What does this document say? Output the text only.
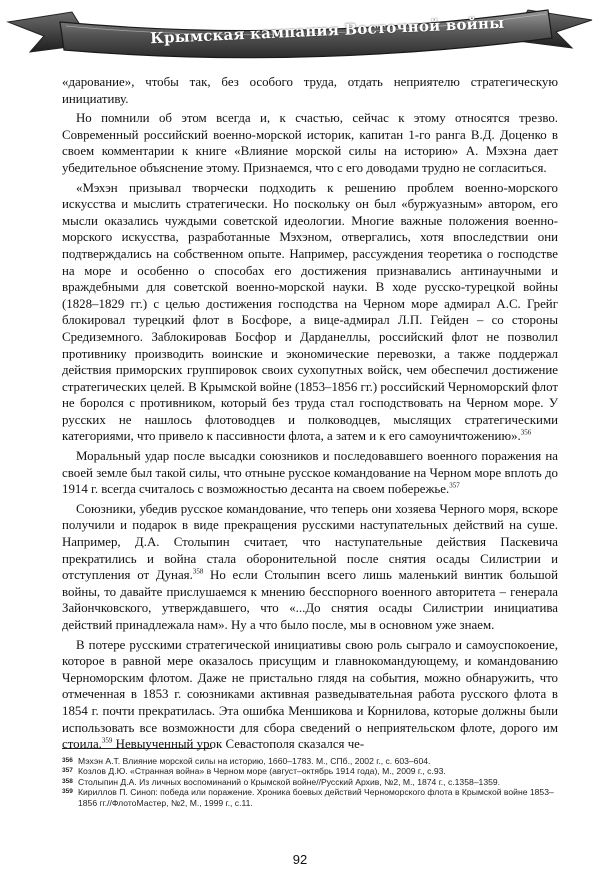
Крымская кампания Восточной войны

«дарование», чтобы так, без особого труда, отдать неприятелю стратегическую инициативу.

Но помнили об этом всегда и, к счастью, сейчас к этому относятся трезво. Современный российский военно-морской историк, капитан 1-го ранга В.Д. Доценко в своем комментарии к книге «Влияние морской силы на историю» А. Мэхэна дает убедительное объяснение этому. Признаемся, что с его доводами трудно не согласиться.

«Мэхэн призывал творчески подходить к решению проблем военно-морского искусства и мыслить стратегически. Но поскольку он был «буржуазным» автором, его мысли оказались чуждыми советской идеологии. Многие важные положения военно-морского искусства, разработанные Мэхэном, отвергались, хотя впоследствии они подтверждались на собственном опыте. Например, рассуждения теоретика о господстве на море и особенно о способах его достижения признавались антинаучными и враждебными для советской военно-морской науки. В ходе русско-турецкой войны (1828–1829 гг.) с целью достижения господства на Черном море адмирал А.С. Грейг блокировал турецкий флот в Босфоре, а вице-адмирал Л.П. Гейден – со стороны Средиземного. Заблокировав Босфор и Дарданеллы, российский флот не позволил противнику производить воинские и экономические перевозки, а также поддержал действия приморских группировок своих сухопутных войск, чем обеспечил достижение стратегических целей. В Крымской войне (1853–1856 гг.) российский Черноморский флот не боролся с противником, который без труда стал господствовать на Черном море. У русских не нашлось флотоводцев и полководцев, мыслящих стратегическими категориями, что привело к пассивности флота, а затем и к его самоуничтожению».$^{356}$

Моральный удар после высадки союзников и последовавшего военного поражения на своей земле был такой силы, что отныне русское командование на Черном море вплоть до 1914 г. всегда считалось с возможностью десанта на своем побережье.$^{357}$

Союзники, убедив русское командование, что теперь они хозяева Черного моря, вскоре получили и подарок в виде прекращения русскими наступательных действий на суше. Например, Д.А. Столыпин считает, что наступательные действия Паскевича прекратились и война стала оборонительной после снятия осады Силистрии и отступления от Дуная.$^{358}$ Но если Столыпин всего лишь маленький винтик большой войны, то давайте прислушаемся к мнению бесспорного военного авторитета – генерала Зайончковского, утверждавшего, что «...До снятия осады Силистрии инициатива действий принадлежала нам». Ну а что было после, мы в основном уже знаем.

В потере русскими стратегической инициативы свою роль сыграло и самоуспокоение, которое в равной мере оказалось присущим и главнокомандующему, и командованию Черноморским флотом. Даже не пристально глядя на события, можно обнаружить, что отмеченная в 1853 г. союзниками активная разведывательная работа русского флота в 1854 г. почти прекратилась. Эта ошибка Меншикова и Корнилова, которые должны были использовать все возможности для сбора сведений о неприятельском флоте, дорого им стоила.$^{359}$ Невыученный урок Севастополя сказался че-

356 Мэхэн А.Т. Влияние морской силы на историю, 1660–1783. М., СПб., 2002 г., с. 603–604.
357 Козлов Д.Ю. «Странная война» в Черном море (август–октябрь 1914 года), М., 2009 г., с.93.
358 Столыпин Д.А. Из личных воспоминаний о Крымской войне//Русский Архив, №2, М., 1874 г., с.1358–1359.
359 Кириллов П. Синоп: победа или поражение. Хроника боевых действий Черноморского флота в Крымской войне 1853–1856 гг.//ФлотоМастер, №2, М., 1999 г., с.11.
92
